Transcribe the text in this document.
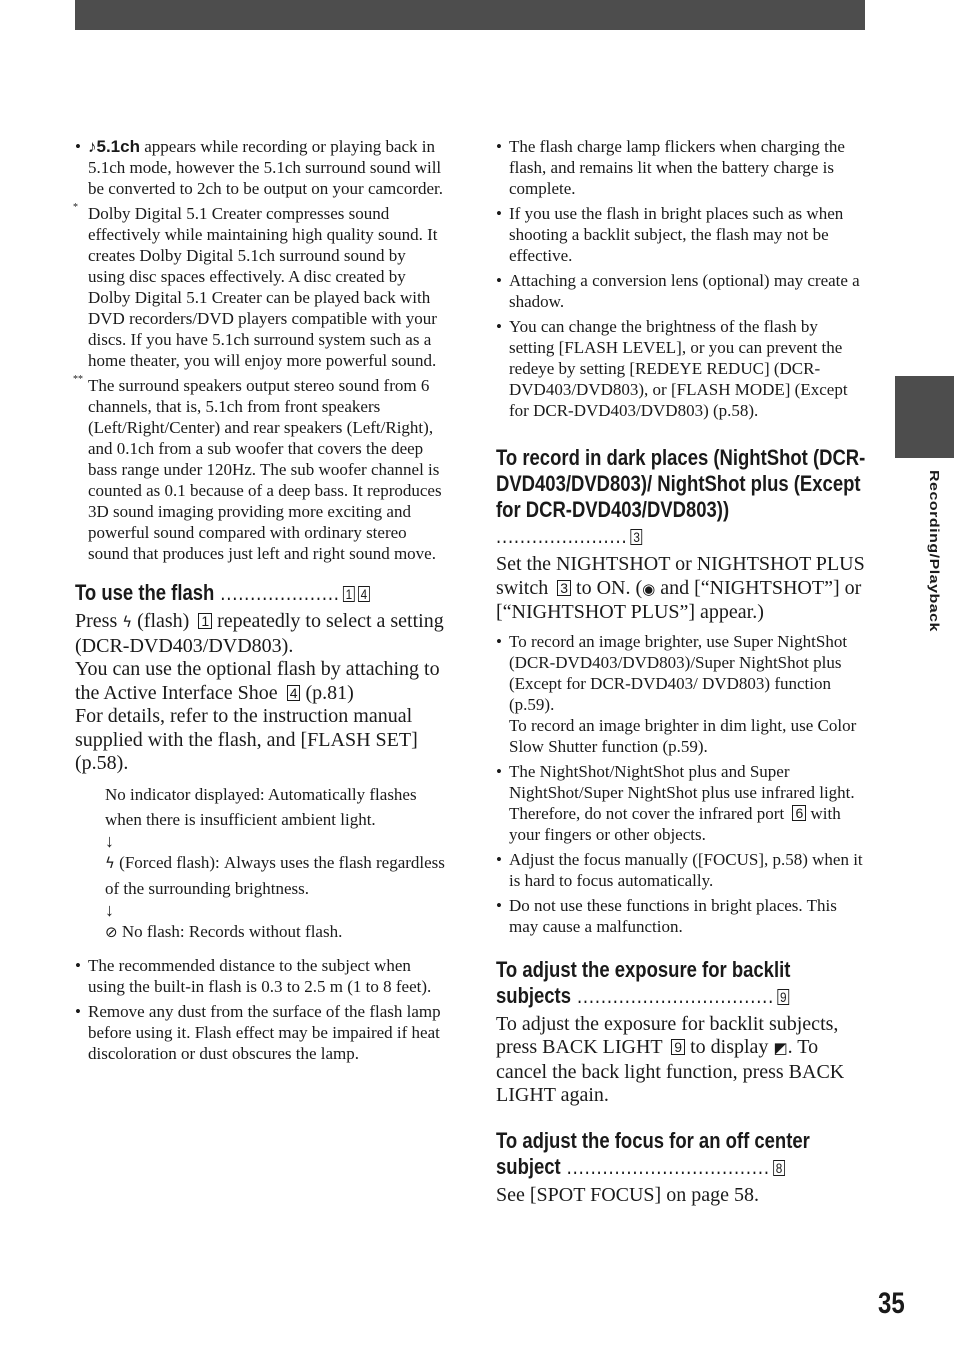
Recording/Playback
• ♪5.1ch appears while recording or playing back in 5.1ch mode, however the 5.1ch surround sound will be converted to 2ch to be output on your camcorder.
* Dolby Digital 5.1 Creater compresses sound effectively while maintaining high quality sound. It creates Dolby Digital 5.1ch surround sound by using disc spaces effectively. A disc created by Dolby Digital 5.1 Creater can be played back with DVD recorders/DVD players compatible with your discs. If you have 5.1ch surround system such as a home theater, you will enjoy more powerful sound.
** The surround speakers output stereo sound from 6 channels, that is, 5.1ch from front speakers (Left/Right/Center) and rear speakers (Left/Right), and 0.1ch from a sub woofer that covers the deep bass range under 120Hz. The sub woofer channel is counted as 0.1 because of a deep bass. It reproduces 3D sound imaging providing more exciting and powerful sound compared with ordinary stereo sound that produces just left and right sound move.
To use the flash .................... 1 4

Press ϟ (flash) 1 repeatedly to select a setting (DCR-DVD403/DVD803).

You can use the optional flash by attaching to the Active Interface Shoe 4 (p.81)

For details, refer to the instruction manual supplied with the flash, and [FLASH SET] (p.58).

No indicator displayed: Automatically flashes when there is insufficient ambient light.
↓
ϟ (Forced flash): Always uses the flash regardless of the surrounding brightness.
↓
⊘ No flash: Records without flash.
• The recommended distance to the subject when using the built-in flash is 0.3 to 2.5 m (1 to 8 feet).
• Remove any dust from the surface of the flash lamp before using it. Flash effect may be impaired if heat discoloration or dust obscures the lamp.
• The flash charge lamp flickers when charging the flash, and remains lit when the battery charge is complete.
• If you use the flash in bright places such as when shooting a backlit subject, the flash may not be effective.
• Attaching a conversion lens (optional) may create a shadow.
• You can change the brightness of the flash by setting [FLASH LEVEL], or you can prevent the redeye by setting [REDEYE REDUC] (DCR-DVD403/DVD803), or [FLASH MODE] (Except for DCR-DVD403/DVD803) (p.58).
To record in dark places (NightShot (DCR-DVD403/DVD803)/ NightShot plus (Except for DCR-DVD403/DVD803)) ...................... 3

Set the NIGHTSHOT or NIGHTSHOT PLUS switch 3 to ON. (◉ and [“NIGHTSHOT”] or [“NIGHTSHOT PLUS”] appear.)

• To record an image brighter, use Super NightShot (DCR-DVD403/DVD803)/Super NightShot plus (Except for DCR-DVD403/ DVD803) function (p.59).
To record an image brighter in dim light, use Color Slow Shutter function (p.59).
• The NightShot/NightShot plus and Super NightShot/Super NightShot plus use infrared light. Therefore, do not cover the infrared port 6 with your fingers or other objects.
• Adjust the focus manually ([FOCUS], p.58) when it is hard to focus automatically.
• Do not use these functions in bright places. This may cause a malfunction.
To adjust the exposure for backlit subjects ................................. 9

To adjust the exposure for backlit subjects, press BACK LIGHT 9 to display ◩. To cancel the back light function, press BACK LIGHT again.

To adjust the focus for an off center subject .................................. 8

See [SPOT FOCUS] on page 58.

35
